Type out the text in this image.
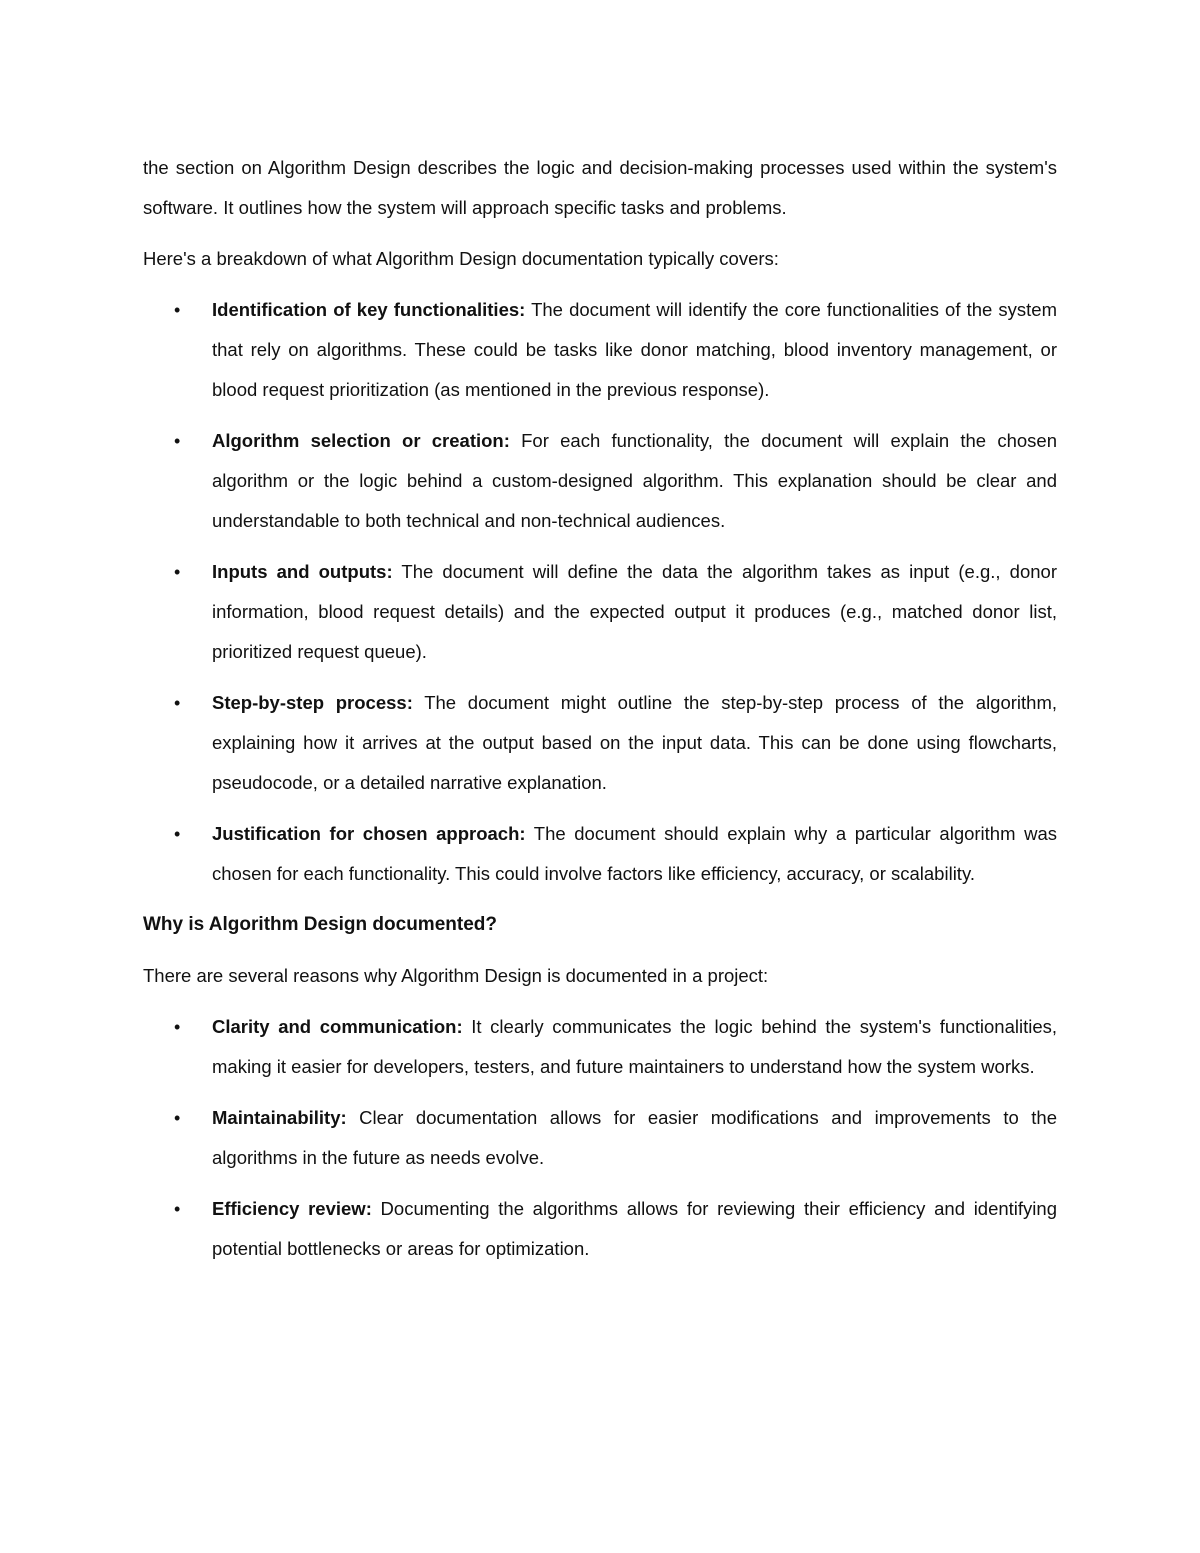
the section on Algorithm Design describes the logic and decision-making processes used within the system's software. It outlines how the system will approach specific tasks and problems.

Here's a breakdown of what Algorithm Design documentation typically covers:

• Identification of key functionalities: The document will identify the core functionalities of the system that rely on algorithms. These could be tasks like donor matching, blood inventory management, or blood request prioritization (as mentioned in the previous response).
• Algorithm selection or creation: For each functionality, the document will explain the chosen algorithm or the logic behind a custom-designed algorithm. This explanation should be clear and understandable to both technical and non-technical audiences.
• Inputs and outputs: The document will define the data the algorithm takes as input (e.g., donor information, blood request details) and the expected output it produces (e.g., matched donor list, prioritized request queue).
• Step-by-step process: The document might outline the step-by-step process of the algorithm, explaining how it arrives at the output based on the input data. This can be done using flowcharts, pseudocode, or a detailed narrative explanation.
• Justification for chosen approach: The document should explain why a particular algorithm was chosen for each functionality. This could involve factors like efficiency, accuracy, or scalability.

Why is Algorithm Design documented?

There are several reasons why Algorithm Design is documented in a project:

• Clarity and communication: It clearly communicates the logic behind the system's functionalities, making it easier for developers, testers, and future maintainers to understand how the system works.
• Maintainability: Clear documentation allows for easier modifications and improvements to the algorithms in the future as needs evolve.
• Efficiency review: Documenting the algorithms allows for reviewing their efficiency and identifying potential bottlenecks or areas for optimization.
